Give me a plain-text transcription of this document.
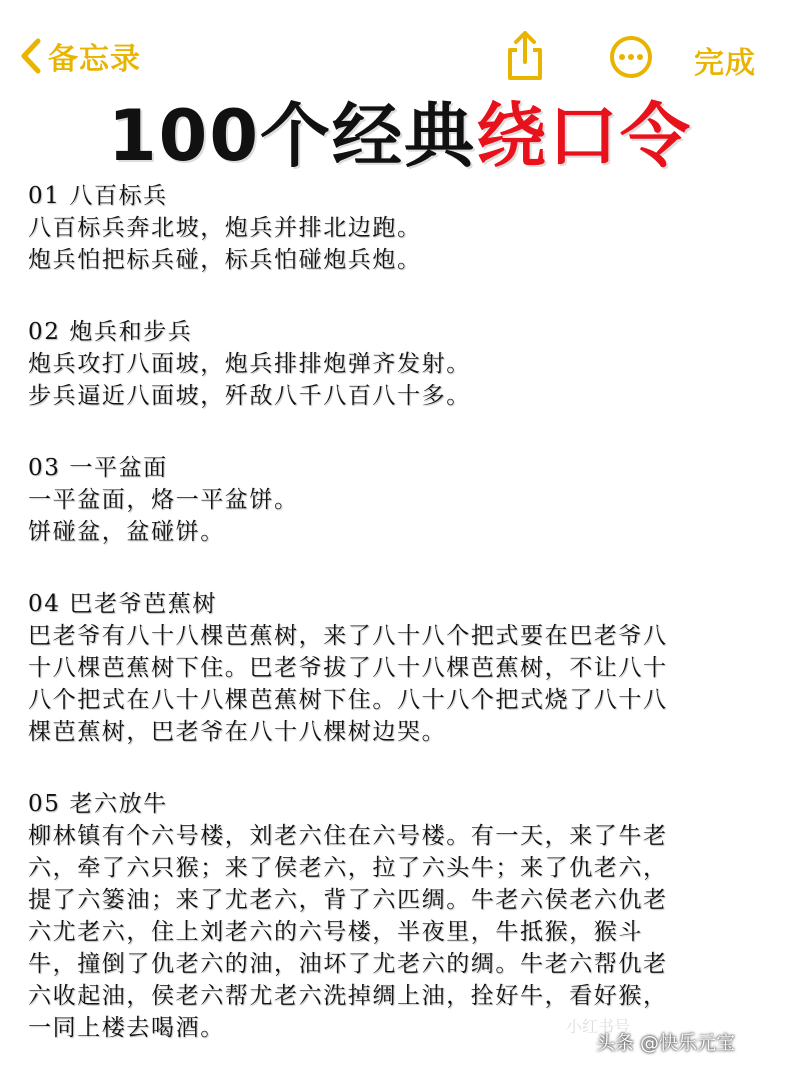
备忘录	完成
100个经典绕口令
01 八百标兵
八百标兵奔北坡，炮兵并排北边跑。
炮兵怕把标兵碰，标兵怕碰炮兵炮。
02 炮兵和步兵
炮兵攻打八面坡，炮兵排排炮弹齐发射。
步兵逼近八面坡，歼敌八千八百八十多。
03 一平盆面
一平盆面，烙一平盆饼。
饼碰盆，盆碰饼。
04 巴老爷芭蕉树
巴老爷有八十八棵芭蕉树，来了八十八个把式要在巴老爷八
十八棵芭蕉树下住。巴老爷拔了八十八棵芭蕉树，不让八十
八个把式在八十八棵芭蕉树下住。八十八个把式烧了八十八
棵芭蕉树，巴老爷在八十八棵树边哭。
05 老六放牛
柳林镇有个六号楼，刘老六住在六号楼。有一天，来了牛老
六，牵了六只猴；来了侯老六，拉了六头牛；来了仇老六，
提了六篓油；来了尤老六，背了六匹绸。牛老六侯老六仇老
六尤老六，住上刘老六的六号楼，半夜里，牛抵猴，猴斗
牛，撞倒了仇老六的油，油坏了尤老六的绸。牛老六帮仇老
六收起油，侯老六帮尤老六洗掉绸上油，拴好牛，看好猴，
一同上楼去喝酒。	小红书号
头条 @快乐元宝
